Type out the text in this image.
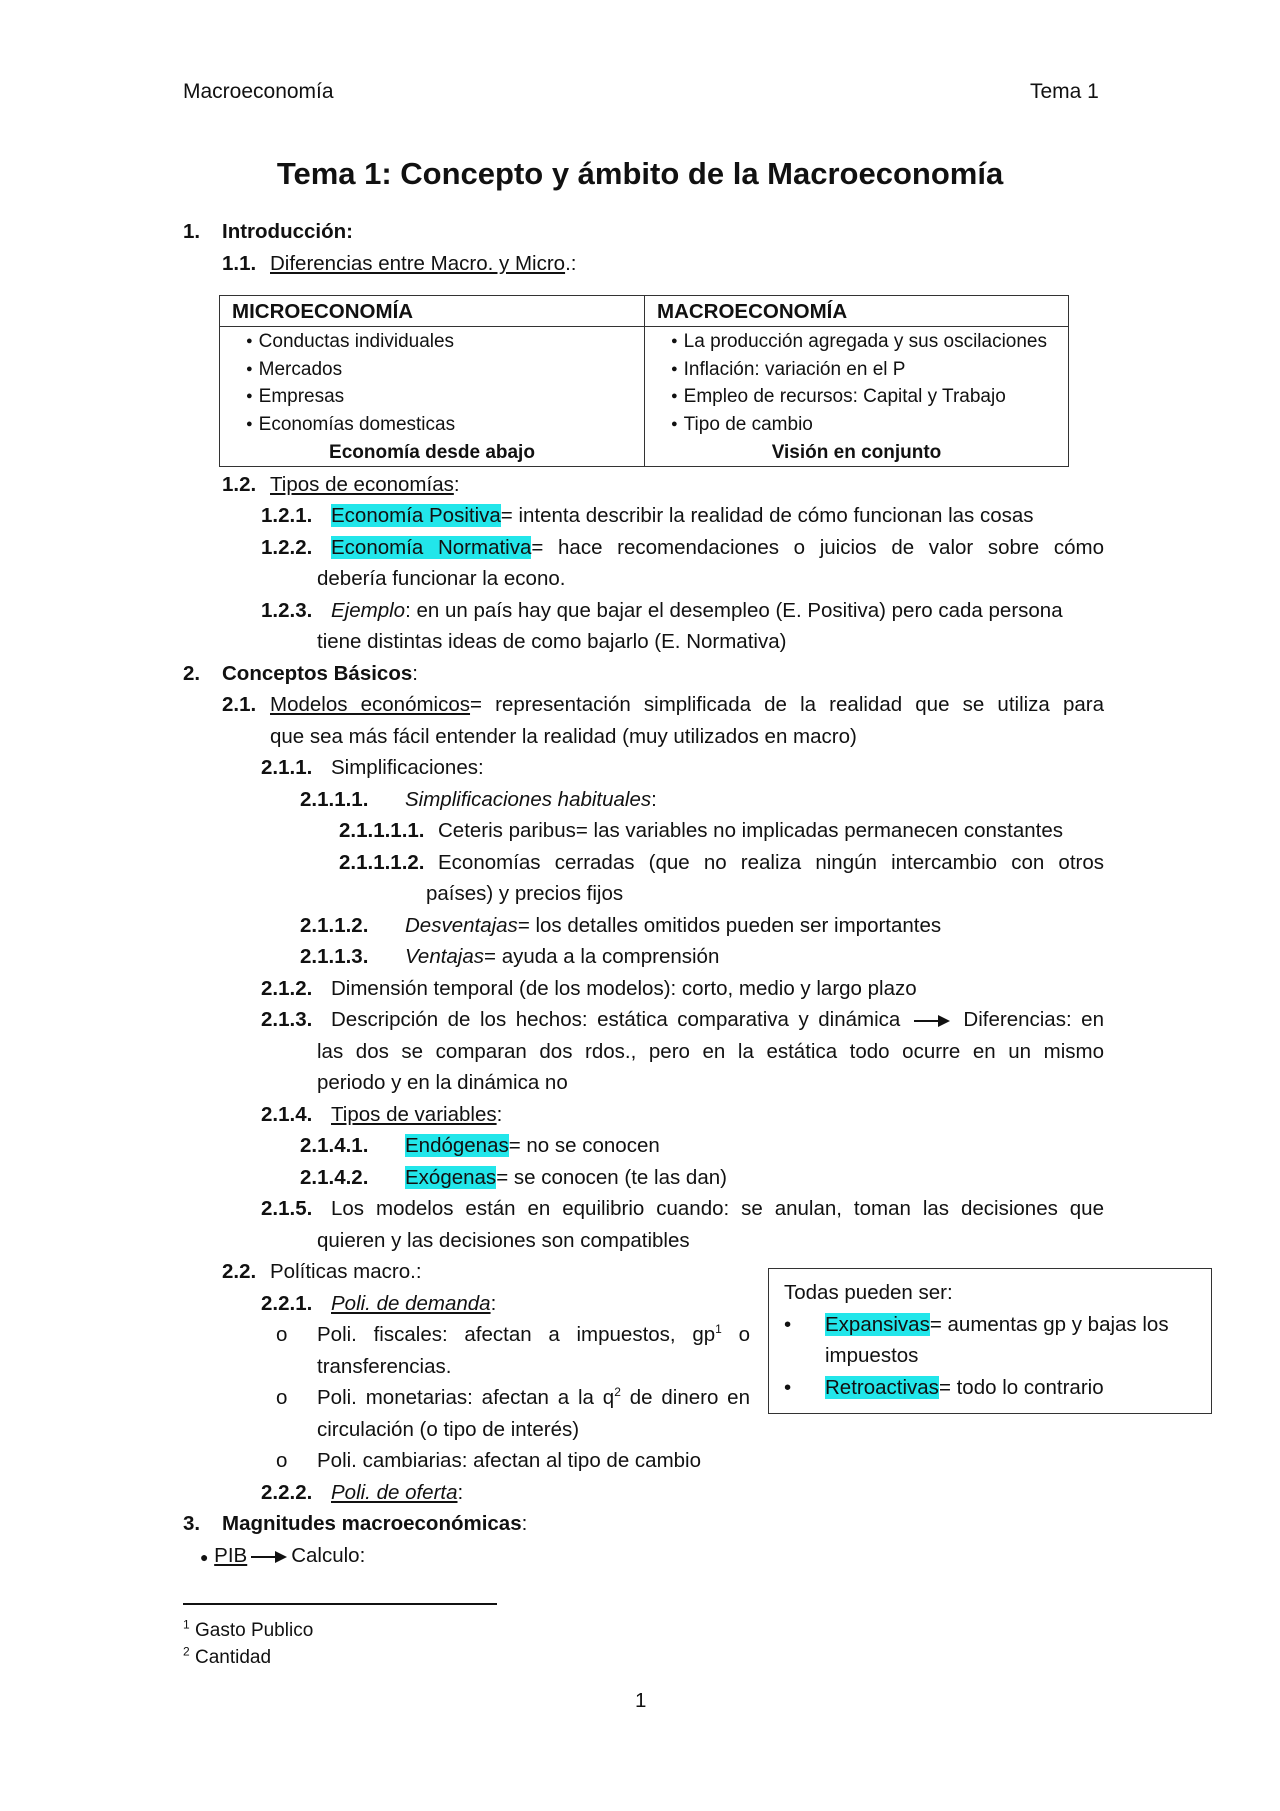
Macroeconomía	Tema 1
Tema 1: Concepto y ámbito de la Macroeconomía
1. Introducción:
1.1. Diferencias entre Macro. y Micro.:
MICROECONOMÍA
● Conductas individuales
● Mercados
● Empresas
● Economías domesticas
Economía desde abajo
MACROECONOMÍA
● La producción agregada y sus oscilaciones
● Inflación: variación en el P
● Empleo de recursos: Capital y Trabajo
● Tipo de cambio
Visión en conjunto
1.2. Tipos de economías:
1.2.1. Economía Positiva= intenta describir la realidad de cómo funcionan las cosas
1.2.2. Economía Normativa= hace recomendaciones o juicios de valor sobre cómo
debería funcionar la econo.
1.2.3. Ejemplo: en un país hay que bajar el desempleo (E. Positiva) pero cada persona
tiene distintas ideas de como bajarlo (E. Normativa)
2. Conceptos Básicos:
2.1. Modelos económicos= representación simplificada de la realidad que se utiliza para
que sea más fácil entender la realidad (muy utilizados en macro)
2.1.1. Simplificaciones:
2.1.1.1. Simplificaciones habituales:
2.1.1.1.1. Ceteris paribus= las variables no implicadas permanecen constantes
2.1.1.1.2. Economías cerradas (que no realiza ningún intercambio con otros
países) y precios fijos
2.1.1.2. Desventajas= los detalles omitidos pueden ser importantes
2.1.1.3. Ventajas= ayuda a la comprensión
2.1.2. Dimensión temporal (de los modelos): corto, medio y largo plazo
2.1.3. Descripción de los hechos: estática comparativa y dinámica	Diferencias: en
las dos se comparan dos rdos., pero en la estática todo ocurre en un mismo
periodo y en la dinámica no
2.1.4. Tipos de variables:
2.1.4.1. Endógenas= no se conocen
2.1.4.2. Exógenas= se conocen (te las dan)
2.1.5. Los modelos están en equilibrio cuando: se anulan, toman las decisiones que
quieren y las decisiones son compatibles
2.2. Políticas macro.:
2.2.1. Poli. de demanda:
o Poli. fiscales: afectan a impuestos, $gp^1$ o
transferencias.
o Poli. monetarias: afectan a la $q^2$ de dinero en
circulación (o tipo de interés)
o Poli. cambiarias: afectan al tipo de cambio
2.2.2. Poli. de oferta:
Todas pueden ser:
• Expansivas= aumentas gp y bajas los
impuestos
• Retroactivas= todo lo contrario
3. Magnitudes macroeconómicas:
● PIB Calculo:
$^1$ Gasto Publico
$^2$ Cantidad
1
